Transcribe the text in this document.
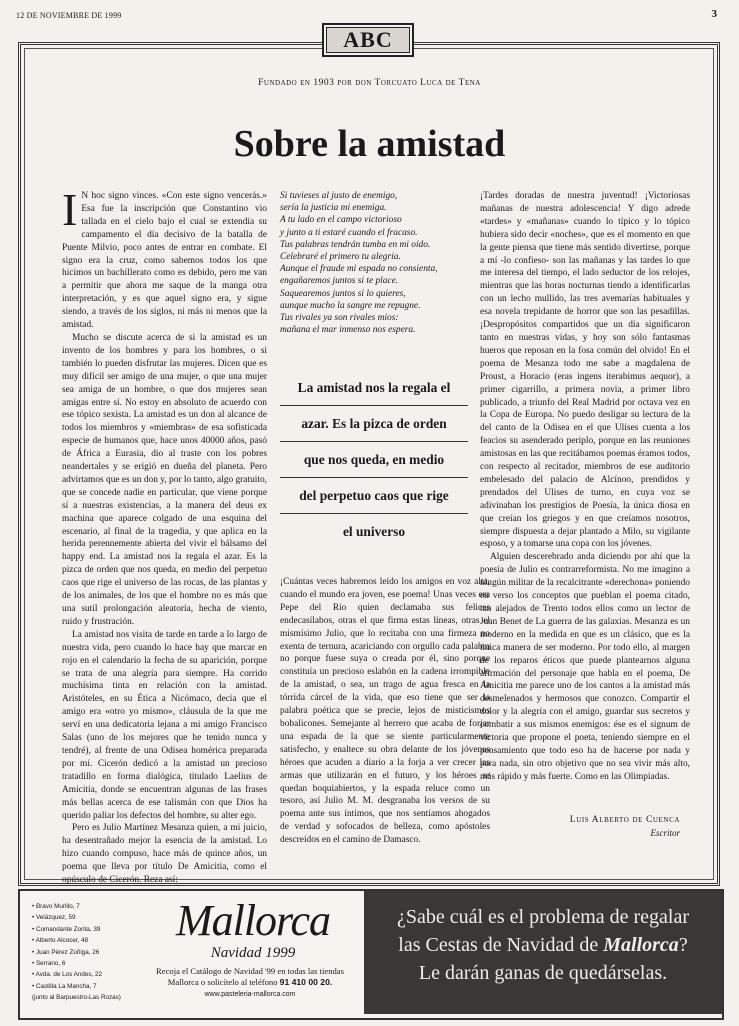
12 DE NOVIEMBRE DE 1999	3
ABC
Fundado en 1903 por don Torcuato Luca de Tena
Sobre la amistad

I N hoc signo vinces. «Con este signo vencerás.» Esa fue la inscripción que Constantino vio tallada en el cielo bajo el cual se extendía su campamento el día decisivo de la batalla de Puente Milvio, poco antes de entrar en combate. El signo era la cruz, como sabemos todos los que hicimos un bachillerato como es debido, pero me van a permitir que ahora me saque de la manga otra interpretación, y es que aquel signo era, y sigue siendo, a través de los siglos, ni más ni menos que la amistad.

Mucho se discute acerca de si la amistad es un invento de los hombres y para los hombres, o si también lo pueden disfrutar las mujeres. Dicen que es muy difícil ser amigo de una mujer, o que una mujer sea amiga de un hombre, o que dos mujeres sean amigas entre sí. No estoy en absoluto de acuerdo con ese tópico sexista. La amistad es un don al alcance de todos los miembros y «miembras» de esa sofisticada especie de humanos que, hace unos 40000 años, pasó de África a Eurasia, dio al traste con los pobres neandertales y se erigió en dueña del planeta. Pero advirtamos que es un don y, por lo tanto, algo gratuito, que se concede nadie en particular, que viene porque sí a nuestras existencias, a la manera del deus ex machina que aparece colgado de una esquina del escenario, al final de la tragedia, y que aplica en la herida perennemente abierta del vivir el bálsamo del happy end. La amistad nos la regala el azar. Es la pizca de orden que nos queda, en medio del perpetuo caos que rige el universo de las rocas, de las plantas y de los animales, de los que el hombre no es más que una sutil prolongación aleatoria, hecha de viento, ruido y frustración.

La amistad nos visita de tarde en tarde a lo largo de nuestra vida, pero cuando lo hace hay que marcar en rojo en el calendario la fecha de su aparición, porque se trata de una alegría para siempre. Ha corrido muchísima tinta en relación con la amistad. Aristóteles, en su Ética a Nicómaco, decía que el amigo era «otro yo mismo», cláusula de la que me serví en una dedicatoria lejana a mi amigo Francisco Salas (uno de los mejores que he tenido nunca y tendré), al frente de una Odisea homérica preparada por mí. Cicerón dedicó a la amistad un precioso tratadillo en forma dialógica, titulado Laelius de Amicitia, donde se encuentran algunas de las frases más bellas acerca de ese talismán con que Dios ha querido paliar los defectos del hombre, su alter ego.

Pero es Julio Martínez Mesanza quien, a mi juicio, ha desentrañado mejor la esencia de la amistad. Lo hizo cuando compuso, hace más de quince años, un poema que lleva por título De Amicitia, como el opúsculo de Cicerón. Reza así:

Si tuvieses al justo de enemigo,
sería la justicia mi enemiga.
A tu lado en el campo victorioso
y junto a ti estaré cuando el fracaso.
Tus palabras tendrán tumba en mi oído.
Celebraré el primero tu alegría.
Aunque el fraude mi espada no consienta,
engañaremos juntos si te place.
Saquearemos juntos si lo quieres,
aunque mucho la sangre me repugne.
Tus rivales ya son rivales míos:
mañana el mar inmenso nos espera.
La amistad nos la regala el
azar. Es la pizca de orden
que nos queda, en medio
del perpetuo caos que rige
el universo

¡Cuántas veces habremos leído los amigos en voz alta, cuando el mundo era joven, ese poema! Unas veces era Pepe del Río quien declamaba sus felices endecasílabos, otras el que firma estas líneas, otras el mismísimo Julio, que lo recitaba con una firmeza no exenta de ternura, acariciando con orgullo cada palabra no porque fuese suya o creada por él, sino porque constituía un precioso eslabón en la cadena irrompible de la amistad, o sea, un trago de agua fresca en la tórrida cárcel de la vida, que eso tiene que ser la palabra poética que se precie, lejos de misticismos bobalicones. Semejante al herrero que acaba de forjar una espada de la que se siente particularmente satisfecho, y enaltece su obra delante de los jóvenes héroes que acuden a diario a la forja a ver crecer las armas que utilizarán en el futuro, y los héroes se quedan boquiabiertos, y la espada reluce como un tesoro, así Julio M. M. desgranaba los versos de su poema ante sus íntimos, que nos sentíamos ahogados de verdad y sofocados de belleza, como apóstoles descreídos en el camino de Damasco.

¡Tardes doradas de nuestra juventud! ¡Victoriosas mañanas de nuestra adolescencia! Y digo adrede «tardes» y «mañanas» cuando lo típico y lo tópico hubiera sido decir «noches», que es el momento en que la gente piensa que tiene más sentido divertirse, porque a mí -lo confieso- son las mañanas y las tardes lo que me interesa del tiempo, el lado seductor de los relojes, mientras que las horas nocturnas tiendo a identificarlas con un lecho mullido, las tres avemarías habituales y esa novela trepidante de horror que son las pesadillas. ¡Despropósitos compartidos que un día significaron tanto en nuestras vidas, y hoy son sólo fantasmas hueros que reposan en la fosa común del olvido! En el poema de Mesanza todo me sabe a magdalena de Proust, a Horacio (eras ingens iterabimus aequor), a primer cigarrillo, a primera novia, a primer libro publicado, a triunfo del Real Madrid por octava vez en la Copa de Europa. No puedo desligar su lectura de la del canto de la Odisea en el que Ulises cuenta a los feacios su asenderado periplo, porque en las reuniones amistosas en las que recitábamos poemas éramos todos, con respecto al recitador, miembros de ese auditorio embelesado del palacio de Alcínoo, prendidos y prendados del Ulises de turno, en cuya voz se adivinaban los prestigios de Poesía, la única diosa en que creían los griegos y en que creíamos nosotros, siempre dispuesta a dejar plantado a Milo, su vigilante esposo, y a tomarse una copa con los jóvenes.

Alguien descerebrado anda diciendo por ahí que la poesía de Julio es contrarreformista. No me imagino a ningún militar de la recalcitrante «derechona» poniendo en verso los conceptos que pueblan el poema citado, tan alejados de Trento todos ellos como un lector de Juan Benet de La guerra de las galaxias. Mesanza es un moderno en la medida en que es un clásico, que es la única manera de ser moderno. Por todo ello, al margen de los reparos éticos que puede plantearnos alguna afirmación del personaje que habla en el poema, De Amicitia me parece uno de los cantos a la amistad más desmelenados y hermosos que conozco. Compartir el dolor y la alegría con el amigo, guardar sus secretos y combatir a sus mismos enemigos: ése es el signum de victoria que propone el poeta, teniendo siempre en el pensamiento que todo eso ha de hacerse por nada y para nada, sin otro objetivo que no sea vivir más alto, más rápido y más fuerte. Como en las Olimpiadas.

Luis Alberto de Cuenca
Escritor
• Bravo Murillo, 7
• Velázquez, 59
• Comandante Zorita, 39
• Alberto Alcocer, 48
• Juan Pérez Zúñiga, 26
• Serrano, 6
• Avda. de Los Andes, 22
• Castilla La Mancha, 7
(junto al Barpuestro-Las Rozas)
Mallorca
Navidad 1999
Recoja el Catálogo de Navidad '99 en todas las tiendas
Mallorca o solicítelo al teléfono 91 410 00 20.
www.pasteleria-mallorca.com
¿Sabe cuál es el problema de regalar
las Cestas de Navidad de Mallorca?
Le darán ganas de quedárselas.
